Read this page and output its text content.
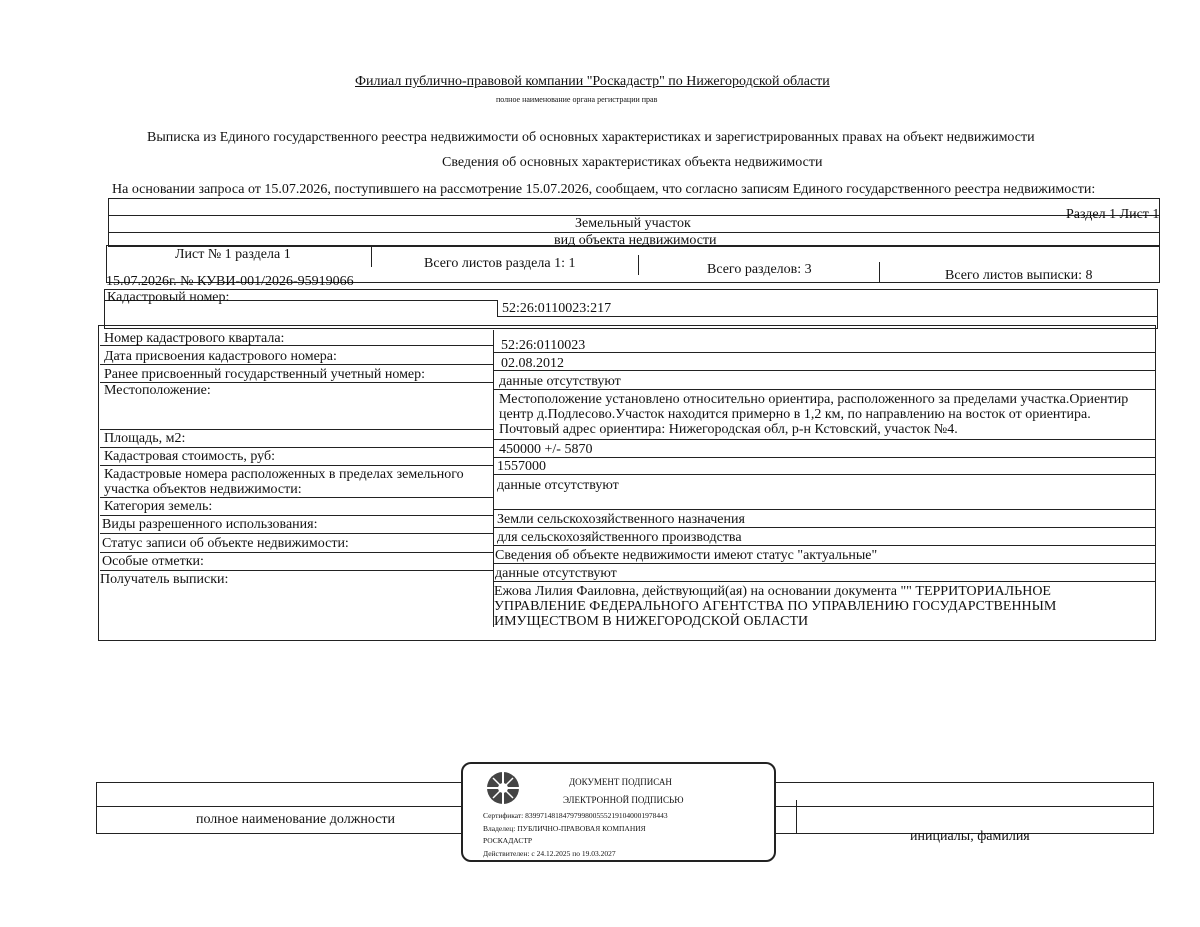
Филиал публично-правовой компании "Роскадастр" по Нижегородской области
полное наименование органа регистрации прав
Выписка из Единого государственного реестра недвижимости об основных характеристиках и зарегистрированных правах на объект недвижимости
Сведения об основных характеристиках объекта недвижимости
На основании запроса от 15.07.2026, поступившего на рассмотрение 15.07.2026, сообщаем, что согласно записям Единого государственного реестра недвижимости:
Раздел 1 Лист 1
Земельный участок
вид объекта недвижимости
Лист № 1 раздела 1
Всего листов раздела 1: 1	Всего разделов: 3	Всего листов выписки: 8
15.07.2026г. № КУВИ-001/2026-95919066
Кадастровый номер:
52:26:0110023:217
Номер кадастрового квартала:
Дата присвоения кадастрового номера:
Ранее присвоенный государственный учетный номер:
Местоположение:
Площадь, м2:
Кадастровая стоимость, руб:
Кадастровые номера расположенных в пределах земельного участка объектов недвижимости:
Категория земель:
Виды разрешенного использования:
Статус записи об объекте недвижимости:
Особые отметки:
Получатель выписки:
52:26:0110023
02.08.2012
данные отсутствуют
Местоположение установлено относительно ориентира, расположенного за пределами участка.Ориентир центр д.Подлесово.Участок находится примерно в 1,2 км, по направлению на восток от ориентира. Почтовый адрес ориентира: Нижегородская обл, р-н Кстовский, участок №4.
450000 +/- 5870
1557000
данные отсутствуют
Земли сельскохозяйственного назначения
для сельскохозяйственного производства
Сведения об объекте недвижимости имеют статус "актуальные"
данные отсутствуют
Ежова Лилия Фаиловна, действующий(ая) на основании документа "" ТЕРРИТОРИАЛЬНОЕ УПРАВЛЕНИЕ ФЕДЕРАЛЬНОГО АГЕНТСТВА ПО УПРАВЛЕНИЮ ГОСУДАРСТВЕННЫМ ИМУЩЕСТВОМ В НИЖЕГОРОДСКОЙ ОБЛАСТИ
полное наименование должности
инициалы, фамилия
ДОКУМЕНТ ПОДПИСАН
ЭЛЕКТРОННОЙ ПОДПИСЬЮ
Сертификат: 839971481847979980055521910400019784​43
Владелец: ПУБЛИЧНО-ПРАВОВАЯ КОМПАНИЯ
РОСКАДАСТР
Действителен: с 24.12.2025 по 19.03.2027
